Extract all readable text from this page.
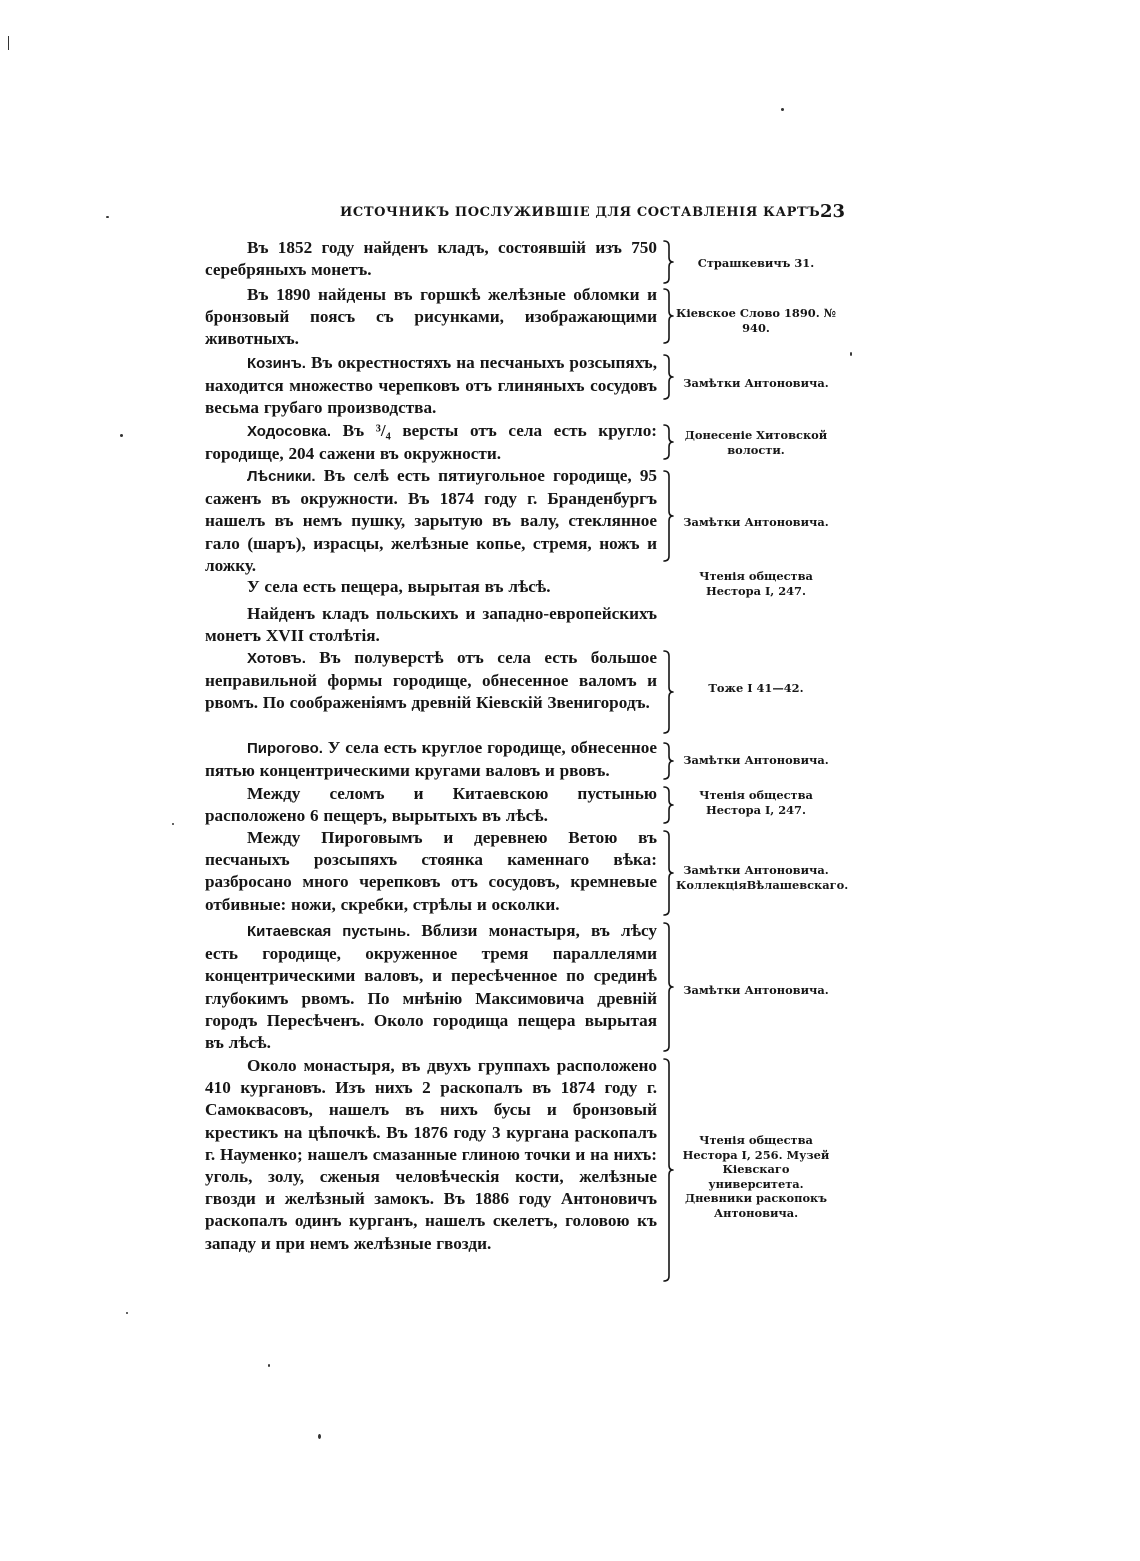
ИСТОЧНИКЪ ПОСЛУЖИВШІЕ ДЛЯ СОСТАВЛЕНІЯ КАРТЪ.
23
Въ 1852 году найденъ кладъ, состоявшій изъ 750 серебряныхъ монетъ.	Страшкевичъ 31.
Въ 1890 найдены въ горшкѣ желѣзные обломки и бронзовый поясъ съ рисунками, изображающими животныхъ.
Кіевское Слово 1890. № 940.
Козинъ. Въ окрестностяхъ на песчаныхъ розсыпяхъ, находится множество черепковъ отъ глиняныхъ сосудовъ весьма грубаго производства.
Замѣтки Антоновича.
Ходосовка. Въ ³/₄ версты отъ села есть кругло: городище, 204 сажени въ окружности.
Донесеніе Хитовской волости.
Лѣсники. Въ селѣ есть пятиугольное городище, 95 саженъ въ окружности. Въ 1874 году г. Бранденбургъ нашелъ въ немъ пушку, зарытую въ валу, стеклянное гало (шаръ), израсцы, желѣзные копье, стремя, ножъ и ложку.
Замѣтки Антоновича.
У села есть пещера, вырытая въ лѣсѣ.
Чтенія общества Нестора I, 247.
Найденъ кладъ польскихъ и западно-европейскихъ монетъ XVII столѣтія.
Хотовъ. Въ полуверстѣ отъ села есть большое неправильной формы городище, обнесенное валомъ и рвомъ. По соображеніямъ древній Кіевскій Звенигородъ.
Тоже I 41—42.
Пирогово. У села есть круглое городище, обнесенное пятью концентрическими кругами валовъ и рвовъ.
Замѣтки Антоновича.
Между селомъ и Китаевскою пустынью расположено 6 пещеръ, вырытыхъ въ лѣсѣ.
Чтенія общества Нестора I, 247.
Между Пироговымъ и деревнею Ветою въ песчаныхъ розсыпяхъ стоянка каменнаго вѣка: разбросано много черепковъ отъ сосудовъ, кремневые отбивные: ножи, скребки, стрѣлы и осколки.
Замѣтки Антоновича. КоллекціяВѣлашевскаго.
Китаевская пустынь. Вблизи монастыря, въ лѣсу есть городище, окруженное тремя параллелями концентрическими валовъ, и пересѣченное по срединѣ глубокимъ рвомъ. По мнѣнію Максимовича древній городъ Пересѣченъ. Около городища пещера вырытая въ лѣсѣ.
Замѣтки Антоновича.
Около монастыря, въ двухъ группахъ расположено 410 кургановъ. Изъ нихъ 2 раскопалъ въ 1874 году г. Самоквасовъ, нашелъ въ нихъ бусы и бронзовый крестикъ на цѣпочкѣ. Въ 1876 году 3 кургана раскопалъ г. Науменко; нашелъ смазанные глиною точки и на нихъ: уголь, золу, сженыя человѣческія кости, желѣзные гвозди и желѣзный замокъ. Въ 1886 году Антоновичъ раскопалъ одинъ курганъ, нашелъ скелетъ, головою къ западу и при немъ желѣзные гвозди.
Чтенія общества Нестора I, 256. Музей Кіевскаго университета. Дневники раскопокъ Антоновича.
